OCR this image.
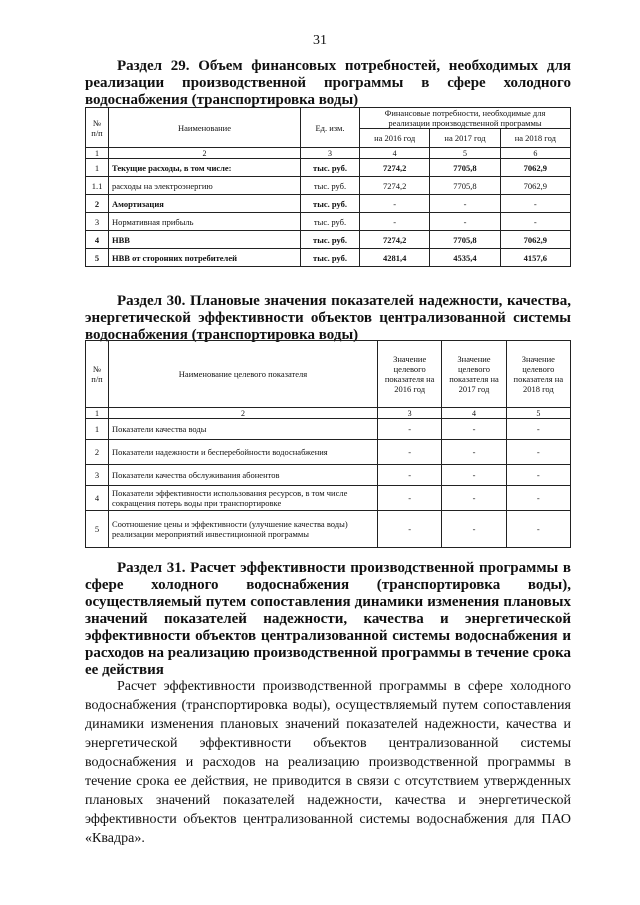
31
Раздел 29. Объем финансовых потребностей, необходимых для реализации производственной программы в сфере холодного водоснабжения (транспортировка воды)
№ п/п	Наименование	Ед. изм.	Финансовые потребности, необходимые для реализации производственной программы		
			на 2016 год	на 2017 год	на 2018 год
1	2	3	4	5	6
1	Текущие расходы, в том числе:	тыс. руб.	7274,2	7705,8	7062,9
1.1	расходы на электроэнергию	тыс. руб.	7274,2	7705,8	7062,9
2	Амортизация	тыс. руб.	-	-	-
3	Нормативная прибыль	тыс. руб.	-	-	-
4	НВВ	тыс. руб.	7274,2	7705,8	7062,9
5	НВВ от сторонних потребителей	тыс. руб.	4281,4	4535,4	4157,6
Раздел 30. Плановые значения показателей надежности, качества, энергетической эффективности объектов централизованной системы водоснабжения (транспортировка воды)
№ п/п	Наименование целевого показателя	Значение целевого показателя на 2016 год	Значение целевого показателя на 2017 год	Значение целевого показателя на 2018 год
1	2	3	4	5
1	Показатели качества воды	-	-	-
2	Показатели надежности и бесперебойности водоснабжения	-	-	-
3	Показатели качества обслуживания абонентов	-	-	-
4	Показатели эффективности использования ресурсов, в том числе сокращения потерь воды при транспортировке	-	-	-
5	Соотношение цены и эффективности (улучшение качества воды) реализации мероприятий инвестиционной программы	-	-	-
Раздел 31. Расчет эффективности производственной программы в сфере холодного водоснабжения (транспортировка воды), осуществляемый путем сопоставления динамики изменения плановых значений показателей надежности, качества и энергетической эффективности объектов централизованной системы водоснабжения и расходов на реализацию производственной программы в течение срока ее действия
Расчет эффективности производственной программы в сфере холодного водоснабжения (транспортировка воды), осуществляемый путем сопоставления динамики изменения плановых значений показателей надежности, качества и энергетической эффективности объектов централизованной системы водоснабжения и расходов на реализацию производственной программы в течение срока ее действия, не приводится в связи с отсутствием утвержденных плановых значений показателей надежности, качества и энергетической эффективности объектов централизованной системы водоснабжения для ПАО «Квадра».
